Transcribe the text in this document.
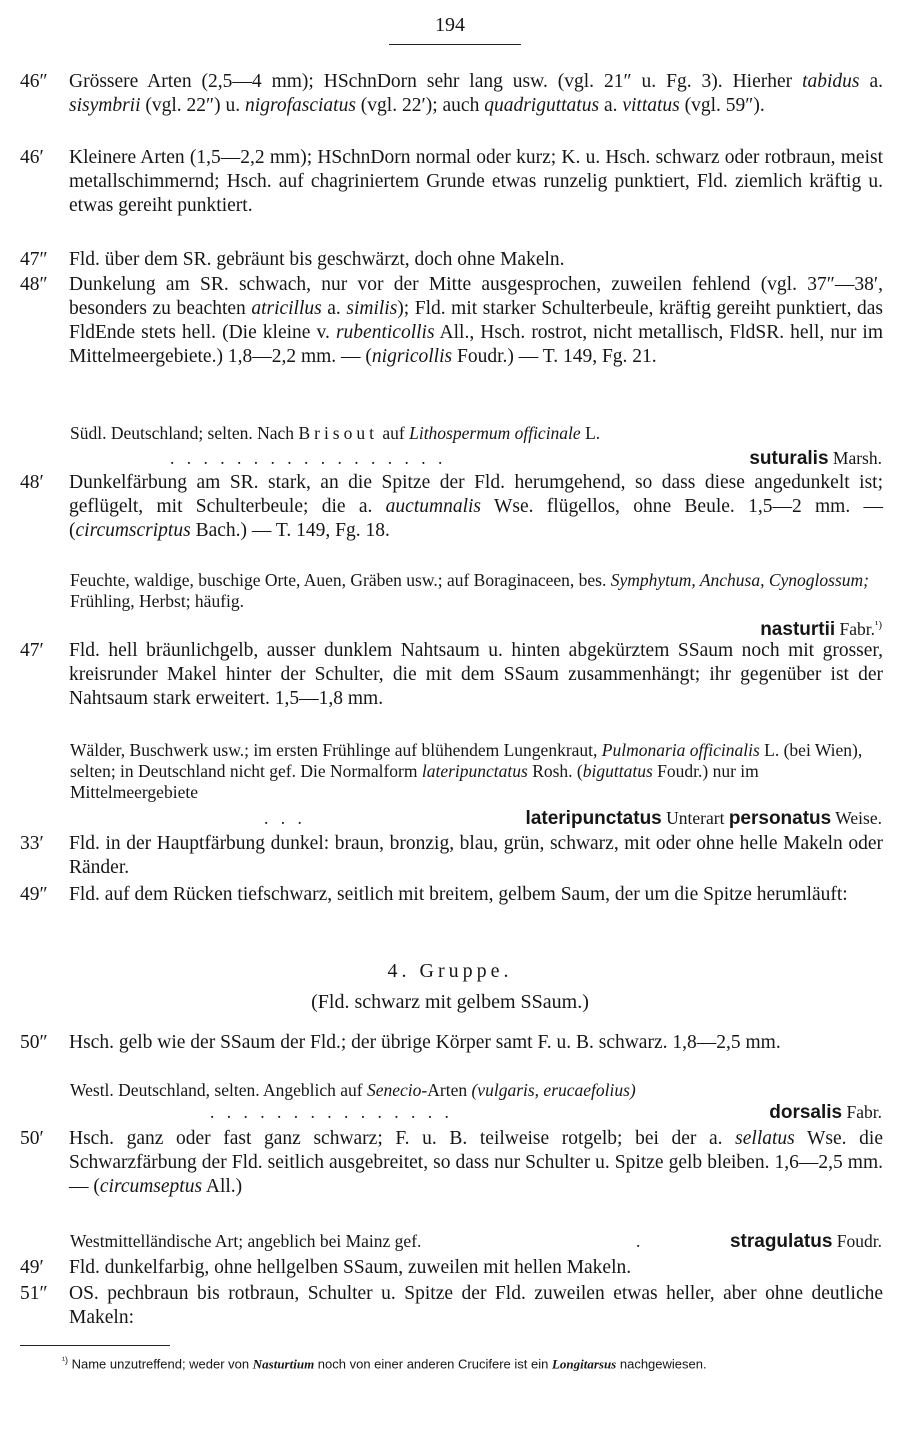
194
46″	Grössere Arten (2,5—4 mm); HSchnDorn sehr lang usw. (vgl. 21″ u. Fg. 3). Hierher tabidus a. sisymbrii (vgl. 22″) u. nigrofasciatus (vgl. 22′); auch quadriguttatus a. vittatus (vgl. 59″).
46′	Kleinere Arten (1,5—2,2 mm); HSchnDorn normal oder kurz; K. u. Hsch. schwarz oder rotbraun, meist metallschimmernd; Hsch. auf chagriniertem Grunde etwas runzelig punktiert, Fld. ziemlich kräftig u. etwas gereiht punktiert.
47″	Fld. über dem SR. gebräunt bis geschwärzt, doch ohne Makeln.
48″	Dunkelung am SR. schwach, nur vor der Mitte ausgesprochen, zuweilen fehlend (vgl. 37″—38′, besonders zu beachten atricillus a. similis); Fld. mit starker Schulterbeule, kräftig gereiht punktiert, das FldEnde stets hell. (Die kleine v. rubenticollis All., Hsch. rostrot, nicht metallisch, FldSR. hell, nur im Mittelmeergebiete.) 1,8—2,2 mm. — (nigricollis Foudr.) — T. 149, Fg. 21.
Südl. Deutschland; selten. Nach Brisout auf Lithospermum officinale L.
. . . . . . . . . . . . . . . . .	suturalis Marsh.
48′	Dunkelfärbung am SR. stark, an die Spitze der Fld. herumgehend, so dass diese angedunkelt ist; geflügelt, mit Schulterbeule; die a. auctumnalis Wse. flügellos, ohne Beule. 1,5—2 mm. — (circumscriptus Bach.) — T. 149, Fg. 18.
Feuchte, waldige, buschige Orte, Auen, Gräben usw.; auf Boraginaceen, bes. Symphytum, Anchusa, Cynoglossum; Frühling, Herbst; häufig.
nasturtii Fabr.$^{^1)}$
47′	Fld. hell bräunlichgelb, ausser dunklem Nahtsaum u. hinten abgekürztem SSaum noch mit grosser, kreisrunder Makel hinter der Schulter, die mit dem SSaum zusammenhängt; ihr gegenüber ist der Nahtsaum stark erweitert. 1,5—1,8 mm.
Wälder, Buschwerk usw.; im ersten Frühlinge auf blühendem Lungenkraut, Pulmonaria officinalis L. (bei Wien), selten; in Deutschland nicht gef. Die Normalform lateripunctatus Rosh. (biguttatus Foudr.) nur im Mittelmeergebiete
. . .	lateripunctatus Unterart personatus Weise.
33′	Fld. in der Hauptfärbung dunkel: braun, bronzig, blau, grün, schwarz, mit oder ohne helle Makeln oder Ränder.
49″	Fld. auf dem Rücken tiefschwarz, seitlich mit breitem, gelbem Saum, der um die Spitze herumläuft:
4. Gruppe.
(Fld. schwarz mit gelbem SSaum.)
50″	Hsch. gelb wie der SSaum der Fld.; der übrige Körper samt F. u. B. schwarz. 1,8—2,5 mm.
Westl. Deutschland, selten. Angeblich auf Senecio-Arten (vulgaris, erucaefolius)
. . . . . . . . . . . . . . .	dorsalis Fabr.
50′	Hsch. ganz oder fast ganz schwarz; F. u. B. teilweise rotgelb; bei der a. sellatus Wse. die Schwarzfärbung der Fld. seitlich ausgebreitet, so dass nur Schulter u. Spitze gelb bleiben. 1,6—2,5 mm. — (circumseptus All.)
Westmittelländische Art; angeblich bei Mainz gef.	.	stragulatus Foudr.
49′	Fld. dunkelfarbig, ohne hellgelben SSaum, zuweilen mit hellen Makeln.
51″	OS. pechbraun bis rotbraun, Schulter u. Spitze der Fld. zuweilen etwas heller, aber ohne deutliche Makeln:
$^{^1)}$ Name unzutreffend; weder von Nasturtium noch von einer anderen Crucifere ist ein Longitarsus nachgewiesen.
